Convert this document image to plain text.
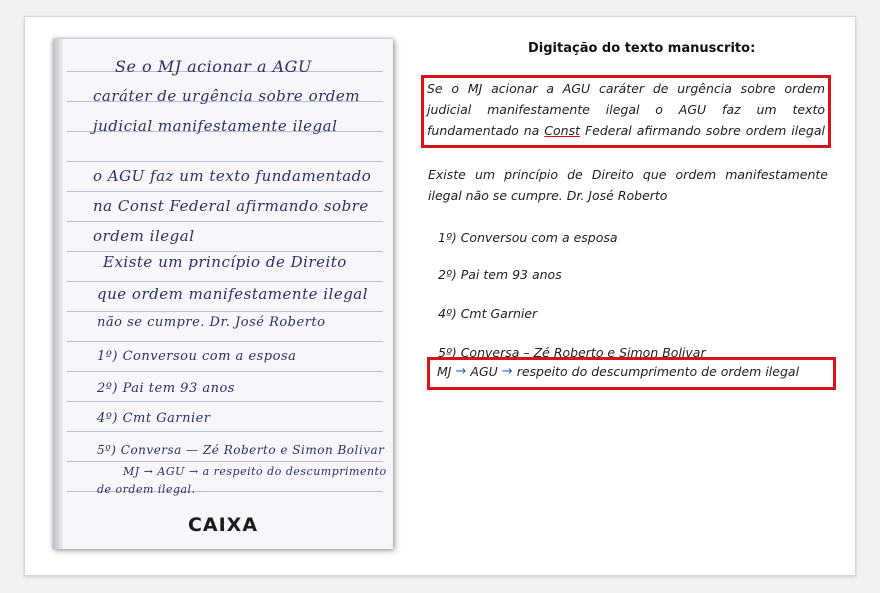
Se o MJ acionar a AGU
caráter de urgência sobre ordem
judicial manifestamente ilegal
o AGU faz um texto fundamentado
na Const Federal afirmando sobre
ordem ilegal
Existe um princípio de Direito
que ordem manifestamente ilegal
não se cumpre. Dr. José Roberto
1º) Conversou com a esposa
2º) Pai tem 93 anos
4º) Cmt Garnier
5º) Conversa — Zé Roberto e Simon Bolivar
MJ → AGU → a respeito do descumprimento
de ordem ilegal.
CAIXA
Digitação do texto manuscrito:
Se o MJ acionar a AGU caráter de urgência sobre ordem
judicial manifestamente ilegal o AGU faz um texto
fundamentado na Const Federal afirmando sobre ordem ilegal
Existe um princípio de Direito que ordem manifestamente
ilegal não se cumpre. Dr. José Roberto
1º) Conversou com a esposa
2º) Pai tem 93 anos
4º) Cmt Garnier
5º) Conversa – Zé Roberto e Simon Bolivar
MJ → AGU → respeito do descumprimento de ordem ilegal
